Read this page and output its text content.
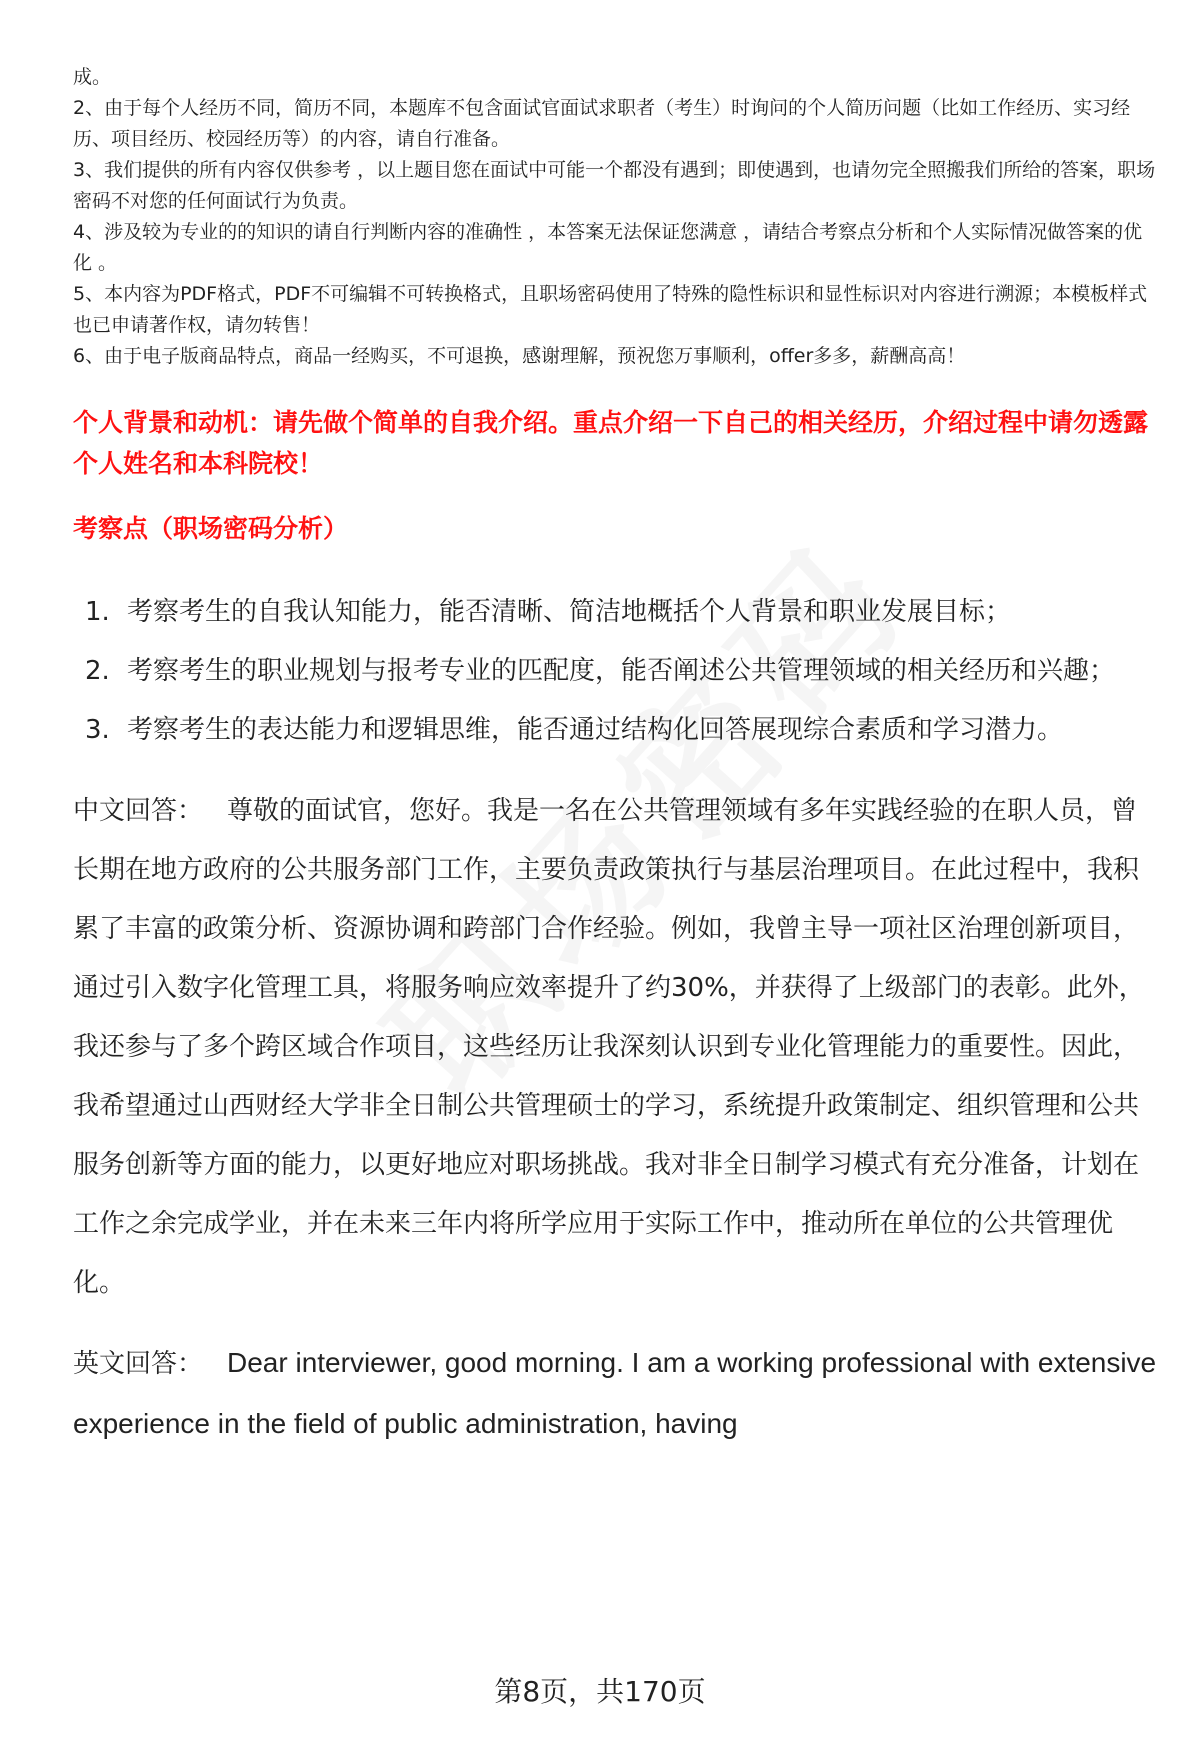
成。

2、由于每个人经历不同，简历不同，本题库不包含面试官面试求职者（考生）时询问的个人简历问题（比如工作经历、实习经历、项目经历、校园经历等）的内容，请自行准备。

3、我们提供的所有内容仅供参考 ，以上题目您在面试中可能一个都没有遇到；即使遇到，也请勿完全照搬我们所给的答案，职场密码不对您的任何面试行为负责。

4、涉及较为专业的的知识的请自行判断内容的准确性 ，本答案无法保证您满意 ，请结合考察点分析和个人实际情况做答案的优化 。

5、本内容为PDF格式，PDF不可编辑不可转换格式，且职场密码使用了特殊的隐性标识和显性标识对内容进行溯源；本模板样式也已申请著作权，请勿转售！

6、由于电子版商品特点，商品一经购买，不可退换，感谢理解，预祝您万事顺利，offer多多，薪酬高高！

个人背景和动机：请先做个简单的自我介绍。重点介绍一下自己的相关经历，介绍过程中请勿透露个人姓名和本科院校！
考察点（职场密码分析）
1. 考察考生的自我认知能力，能否清晰、简洁地概括个人背景和职业发展目标；
2. 考察考生的职业规划与报考专业的匹配度，能否阐述公共管理领域的相关经历和兴趣；
3. 考察考生的表达能力和逻辑思维，能否通过结构化回答展现综合素质和学习潜力。
中文回答： 尊敬的面试官，您好。我是一名在公共管理领域有多年实践经验的在职人员，曾长期在地方政府的公共服务部门工作，主要负责政策执行与基层治理项目。在此过程中，我积累了丰富的政策分析、资源协调和跨部门合作经验。例如，我曾主导一项社区治理创新项目，通过引入数字化管理工具，将服务响应效率提升了约30%，并获得了上级部门的表彰。此外，我还参与了多个跨区域合作项目，这些经历让我深刻认识到专业化管理能力的重要性。因此，我希望通过山西财经大学非全日制公共管理硕士的学习，系统提升政策制定、组织管理和公共服务创新等方面的能力，以更好地应对职场挑战。我对非全日制学习模式有充分准备，计划在工作之余完成学业，并在未来三年内将所学应用于实际工作中，推动所在单位的公共管理优化。
英文回答： Dear interviewer, good morning. I am a working professional with extensive experience in the field of public administration, having
第8页，共170页
